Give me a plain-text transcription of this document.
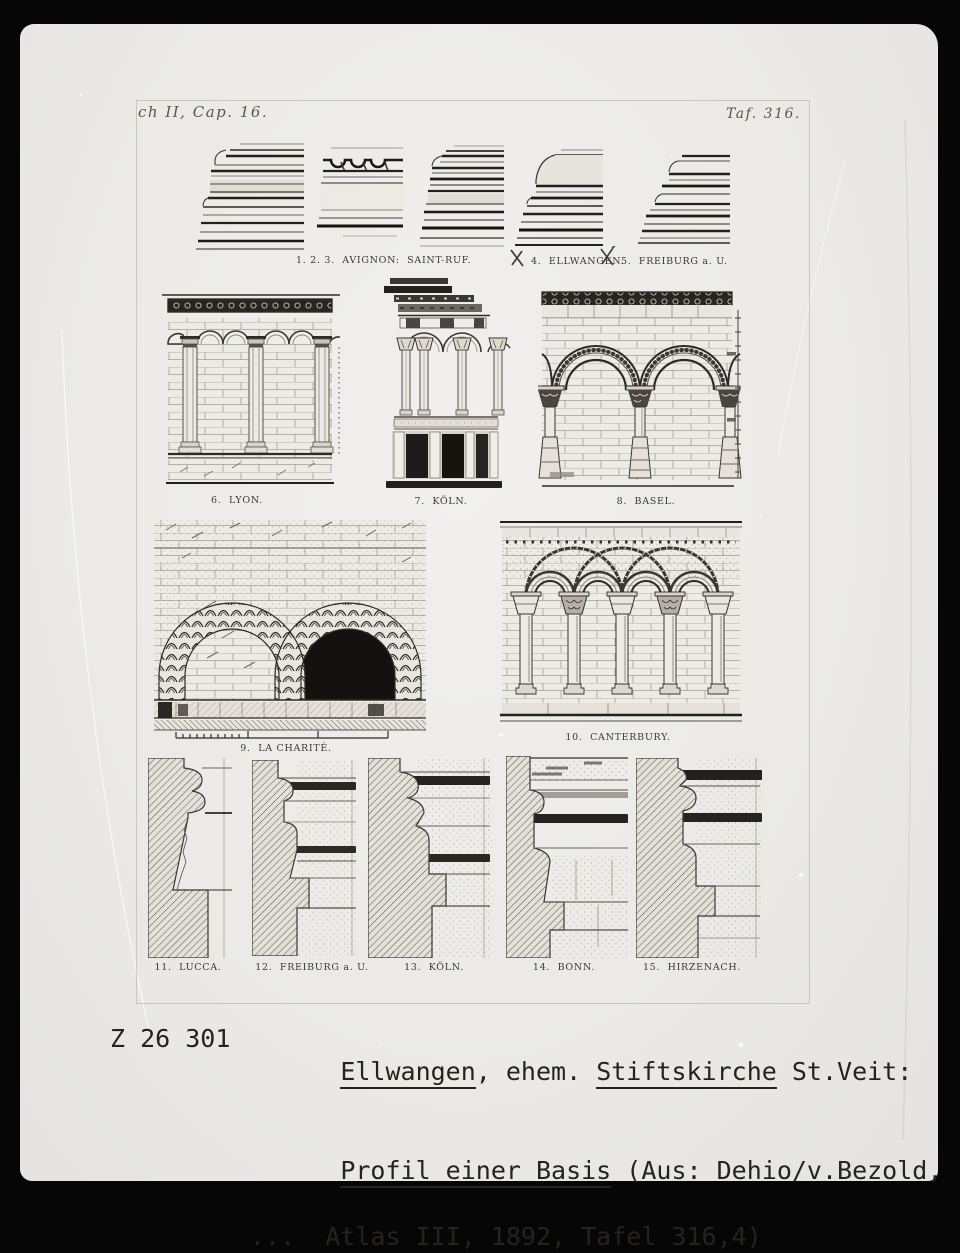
ch II, Cap. 16.	Taf. 316.
1. 2. 3.  AVIGNON:  SAINT-RUF.	4.  ELLWANGEN.
5.  FREIBURG a. U.
6.  LYON.	7.  KÖLN.	8.  BASEL.
9.  LA CHARITÉ.
10.  CANTERBURY.
11.  LUCCA.	12.  FREIBURG a. U.	13.  KÖLN.	14.  BONN.	15.  HIRZENACH.
Z 26 301

Ellwangen, ehem. Stiftskirche St.Veit:

Profil einer Basis (Aus: Dehio/v.Bezold,

...  Atlas III, 1892, Tafel 316,4)
